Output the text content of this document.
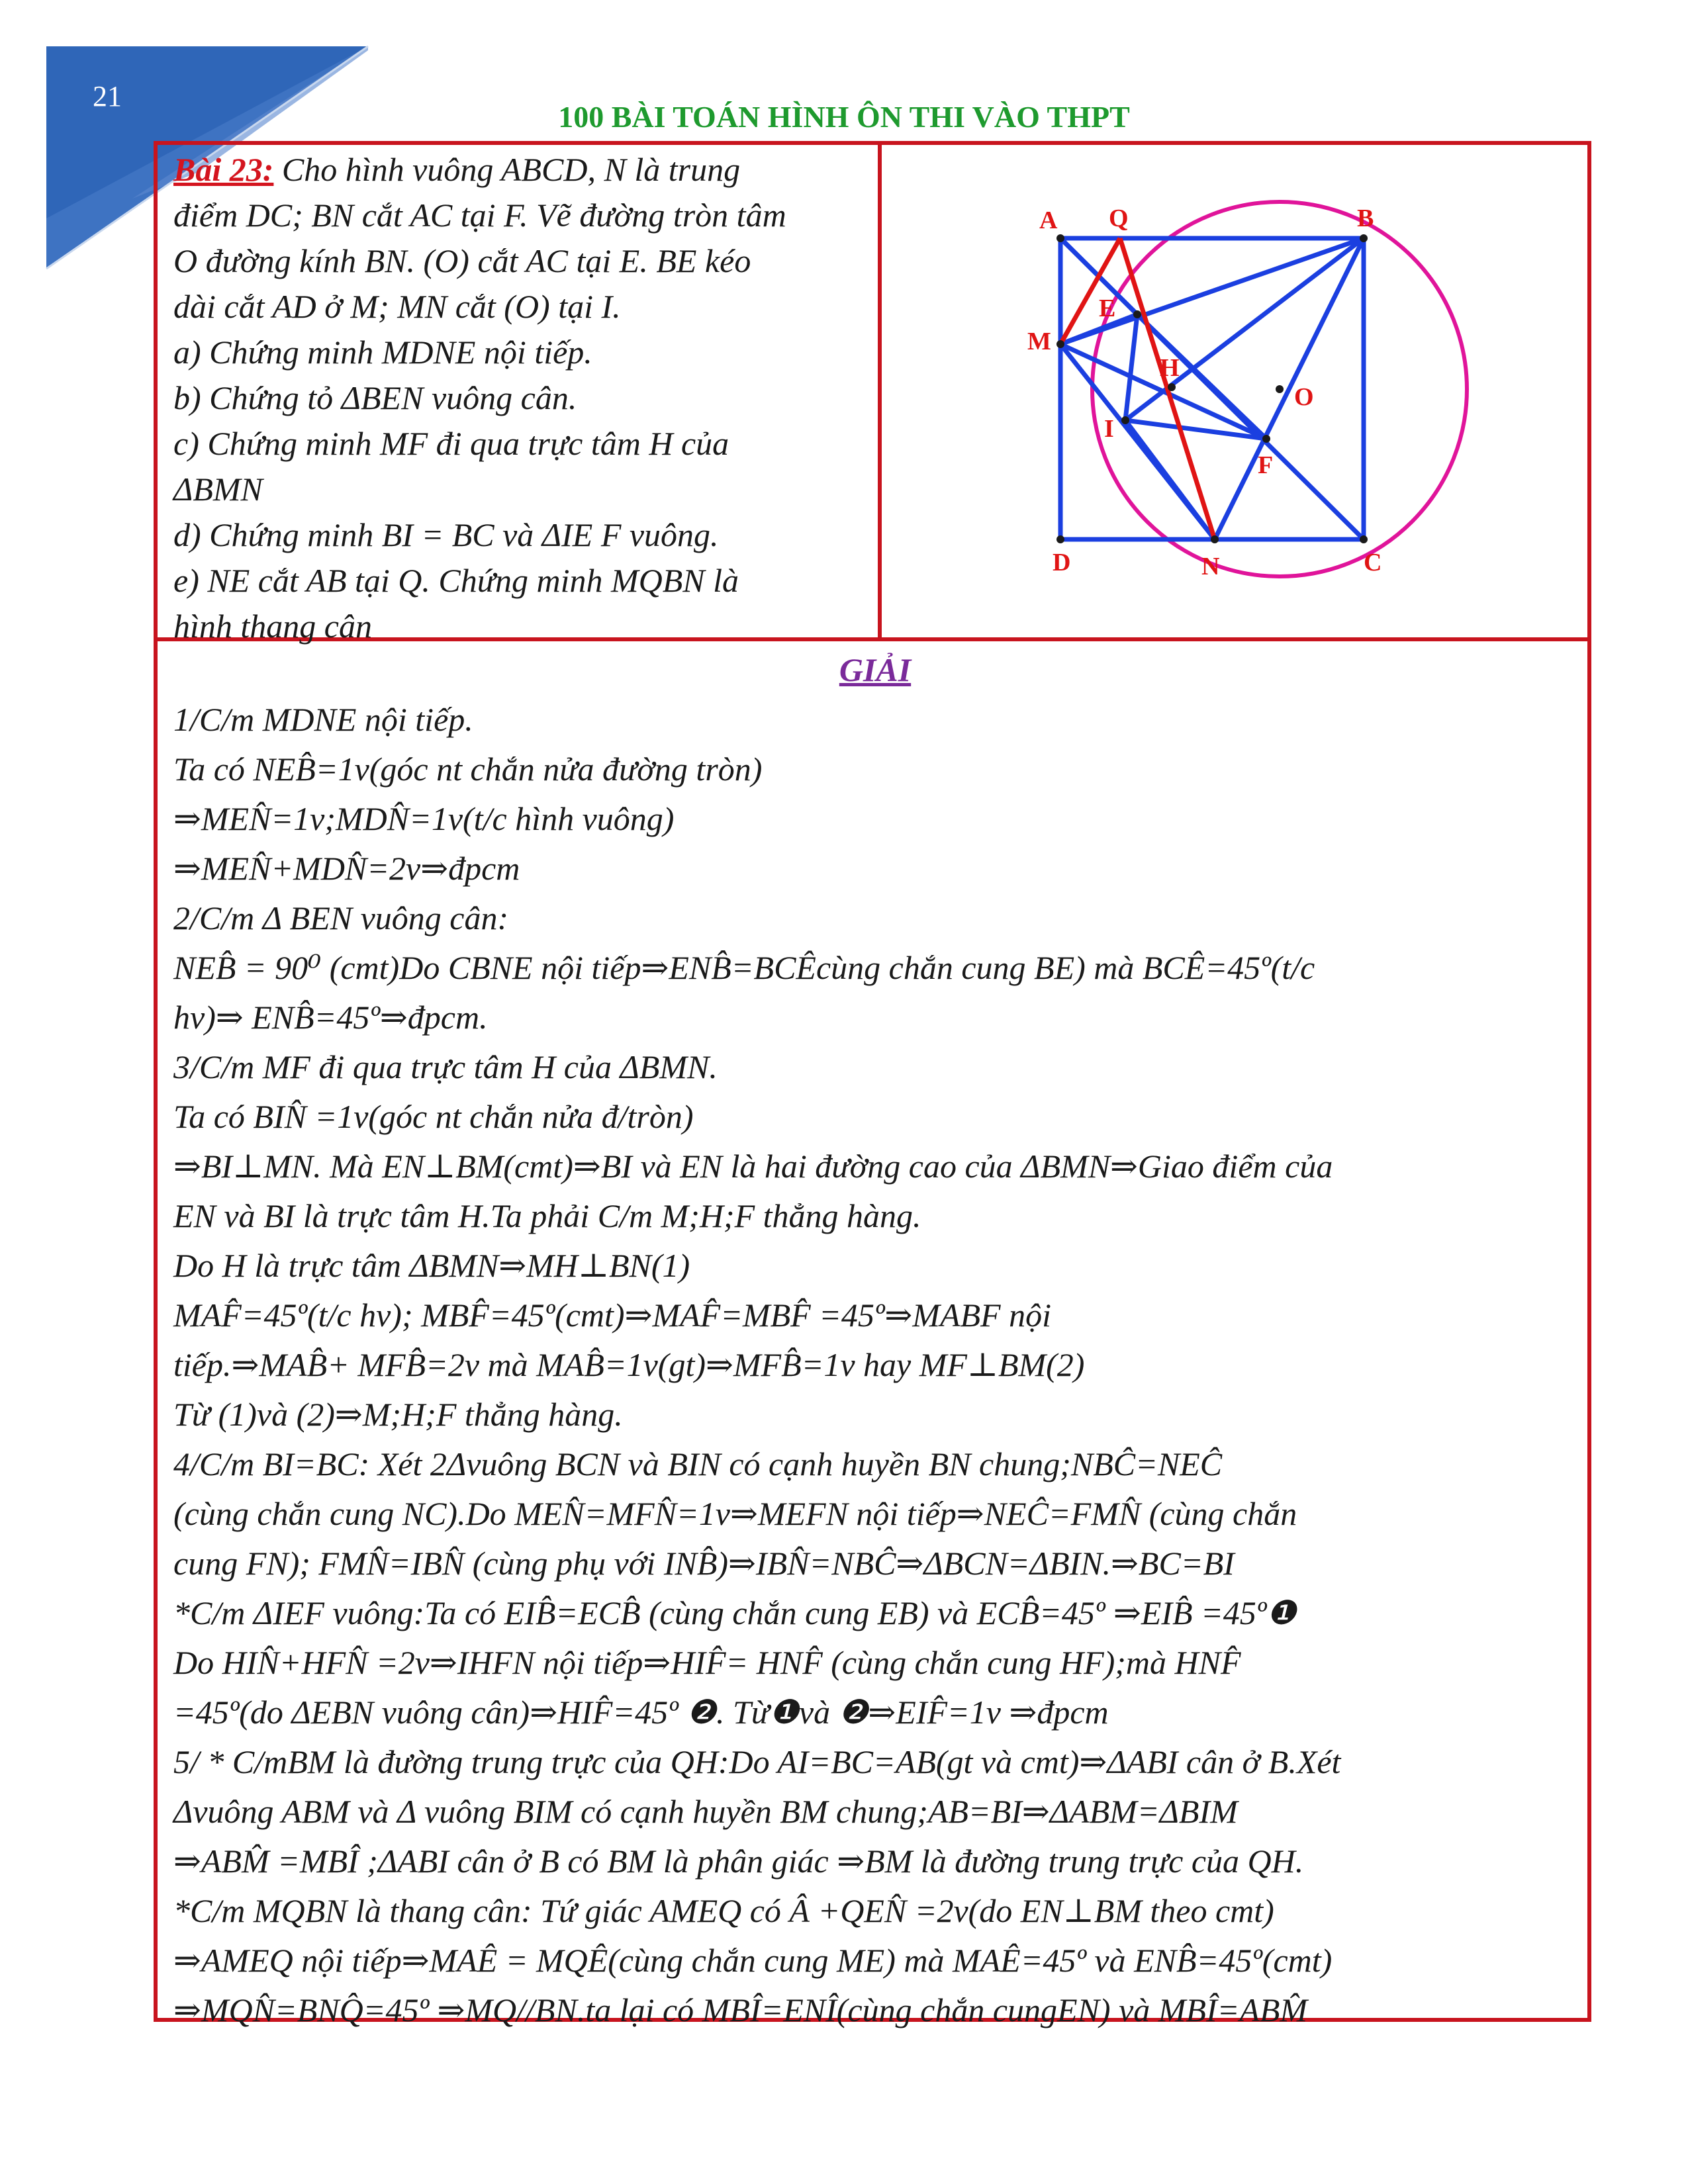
21
100 BÀI TOÁN HÌNH ÔN THI VÀO THPT

Bài 23: Cho hình vuông ABCD, N là trung

điểm DC; BN cắt AC tại F. Vẽ đường tròn tâm

O đường kính BN. (O) cắt AC tại E. BE kéo

dài cắt AD ở M; MN cắt (O) tại I.

a) Chứng minh MDNE nội tiếp.

b) Chứng tỏ ΔBEN vuông cân.

c) Chứng minh MF đi qua trực tâm H của

ΔBMN

d) Chứng minh BI = BC và ΔIE F vuông.

e) NE cắt AB tại Q. Chứng minh MQBN là

hình thang cân

A Q	B
E
M
H
O
I
F
D	N	C

GIẢI

1/C/m MDNE nội tiếp.

Ta có NEB̂=1v(góc nt chắn nửa đường tròn)

⇒MEN̂=1v;MDN̂=1v(t/c hình vuông)

⇒MEN̂+MDN̂=2v⇒đpcm

2/C/m Δ BEN vuông cân:

NEB̂ = 90⁰ (cmt)Do CBNE nội tiếp⇒ENB̂=BCÊcùng chắn cung BE) mà BCÊ=45º(t/c

hv)⇒ ENB̂=45º⇒đpcm.

3/C/m MF đi qua trực tâm H của ΔBMN.

Ta có BIN̂ =1v(góc nt chắn nửa đ/tròn)

⇒BI⊥MN. Mà EN⊥BM(cmt)⇒BI và EN là hai đường cao của ΔBMN⇒Giao điểm của

EN và BI là trực tâm H.Ta phải C/m M;H;F thẳng hàng.

Do H là trực tâm ΔBMN⇒MH⊥BN(1)

MAF̂=45º(t/c hv); MBF̂=45º(cmt)⇒MAF̂=MBF̂ =45º⇒MABF nội

tiếp.⇒MAB̂+ MFB̂=2v mà MAB̂=1v(gt)⇒MFB̂=1v hay MF⊥BM(2)

Từ (1)và (2)⇒M;H;F thẳng hàng.

4/C/m BI=BC: Xét 2Δvuông BCN và BIN có cạnh huyền BN chung;NBĈ=NEĈ

(cùng chắn cung NC).Do MEN̂=MFN̂=1v⇒MEFN nội tiếp⇒NEĈ=FMN̂ (cùng chắn

cung FN); FMN̂=IBN̂ (cùng phụ với INB̂)⇒IBN̂=NBĈ⇒ΔBCN=ΔBIN.⇒BC=BI

*C/m ΔIEF vuông:Ta có EIB̂=ECB̂ (cùng chắn cung EB) và ECB̂=45º ⇒EIB̂ =45º❶

Do HIN̂+HFN̂ =2v⇒IHFN nội tiếp⇒HIF̂= HNF̂ (cùng chắn cung HF);mà HNF̂

=45º(do ΔEBN vuông cân)⇒HIF̂=45º ❷. Từ❶và ❷⇒EIF̂=1v ⇒đpcm

5/ * C/mBM là đường trung trực của QH:Do AI=BC=AB(gt và cmt)⇒ΔABI cân ở B.Xét

Δvuông ABM và Δ vuông BIM có cạnh huyền BM chung;AB=BI⇒ΔABM=ΔBIM

⇒ABM̂ =MBÎ ;ΔABI cân ở B có BM là phân giác ⇒BM là đường trung trực của QH.

*C/m MQBN là thang cân: Tứ giác AMEQ có Â +QEN̂ =2v(do EN⊥BM theo cmt)

⇒AMEQ nội tiếp⇒MAÊ = MQÊ(cùng chắn cung ME) mà MAÊ=45º và ENB̂=45º(cmt)

⇒MQN̂=BNQ̂=45º ⇒MQ//BN.ta lại có MBÎ=ENÎ(cùng chắn cungEN) và MBÎ=ABM̂
